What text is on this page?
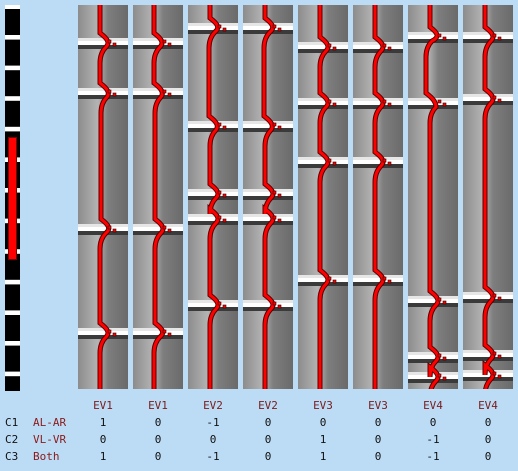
EV1	EV1	EV2	EV2	EV3	EV3	EV4	EV4
C1	AL-AR	1	0	-1	0	0	0	0	0
C2	VL-VR	0	0	0	0	1	0	-1	0
C3	Both	1	0	-1	0	1	0	-1	0
